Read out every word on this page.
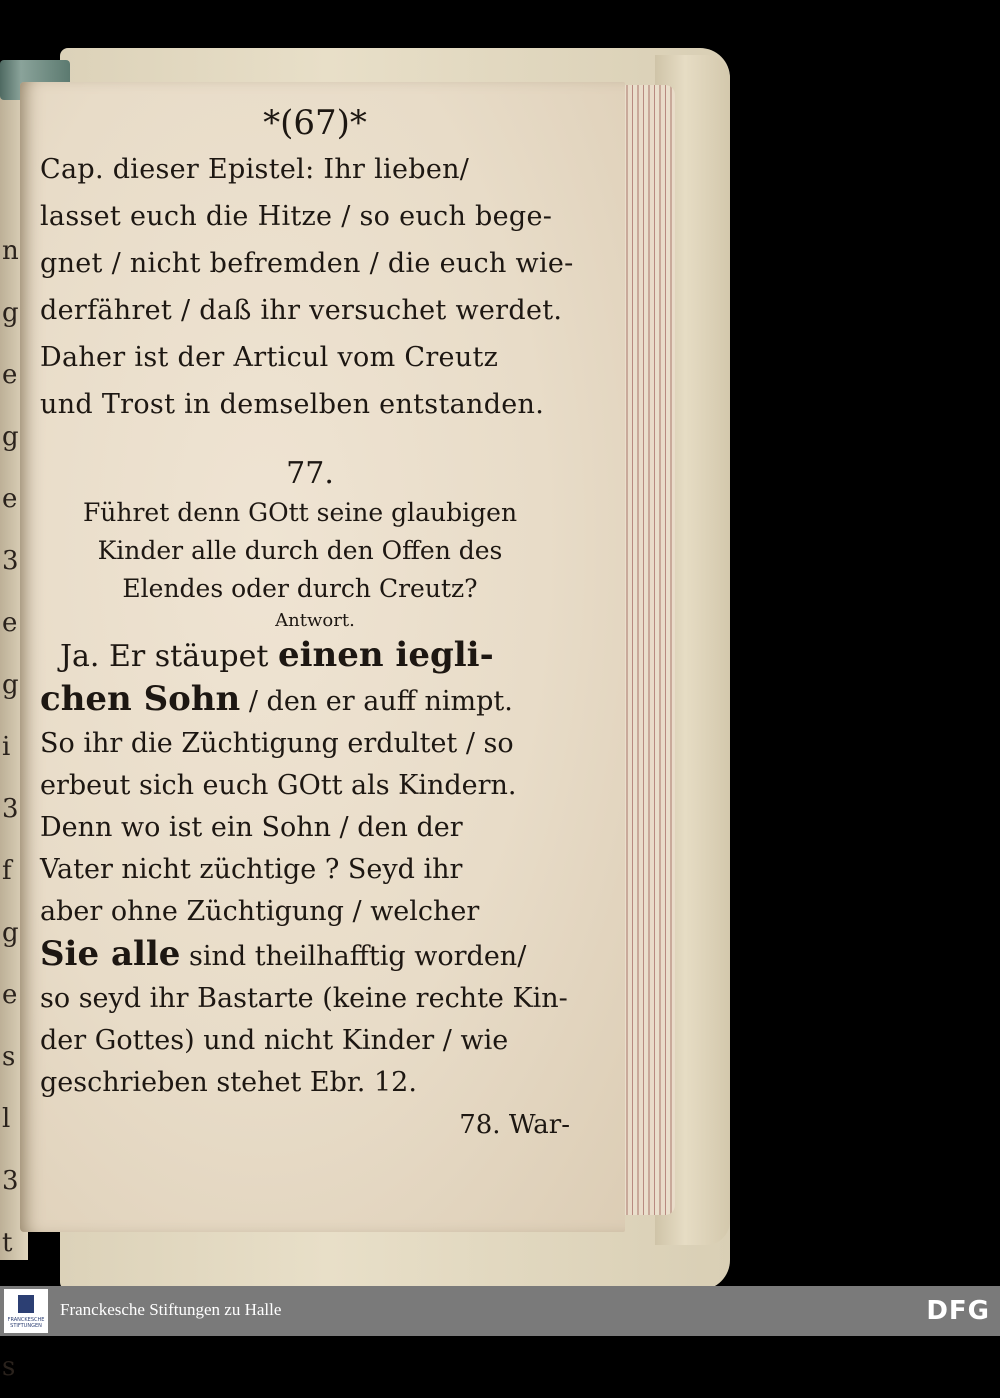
n
g
e
g
e
3
e
g
i
3
f
g
e
s
l
3
t
s
*(67)*
Cap. dieser Epistel: Ihr lieben/
lasset euch die Hitze / so euch bege-
gnet / nicht befremden / die euch wie-
derfähret / daß ihr versuchet werdet.
Daher ist der Articul vom Creutz
und Trost in demselben entstanden.
77.
Führet denn GOtt seine glaubigen
Kinder alle durch den Offen des
Elendes oder durch Creutz?
Antwort.
Ja. Er stäupet einen iegli-
chen Sohn / den er auff nimpt.
So ihr die Züchtigung erdultet / so
erbeut sich euch GOtt als Kindern.
Denn wo ist ein Sohn / den der
Vater nicht züchtige ? Seyd ihr
aber ohne Züchtigung / welcher
Sie alle sind theilhafftig worden/
so seyd ihr Bastarte (keine rechte Kin-
der Gottes) und nicht Kinder / wie
geschrieben stehet Ebr. 12.
78. War-
FRANCKESCHE STIFTUNGEN
Franckesche Stiftungen zu Halle	DFG
